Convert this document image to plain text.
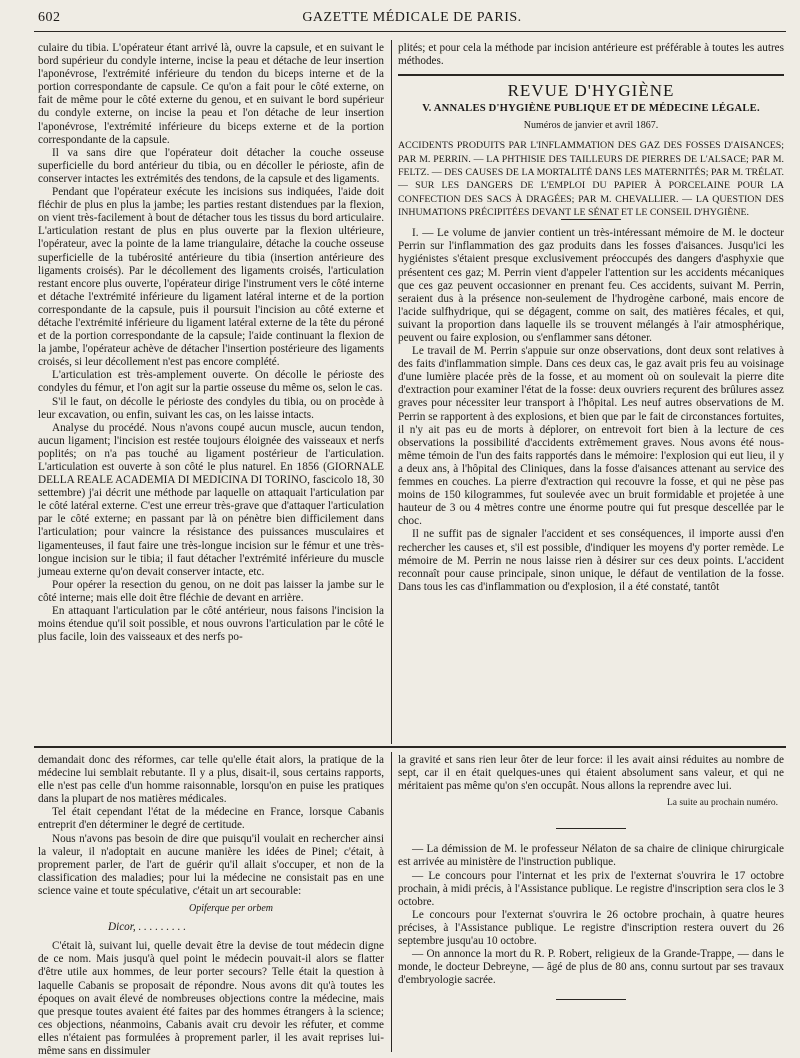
602	GAZETTE MÉDICALE DE PARIS.

culaire du tibia. L'opérateur étant arrivé là, ouvre la capsule, et en suivant le bord supérieur du condyle interne, incise la peau et détache de leur insertion l'aponévrose, l'extrémité inférieure du tendon du biceps interne et de la portion correspondante de capsule. Ce qu'on a fait pour le côté externe, on fait de même pour le côté externe du genou, et en suivant le bord supérieur du condyle externe, on incise la peau et l'on détache de leur insertion l'aponévrose, l'extrémité inférieure du biceps externe et de la portion correspondante de la capsule.

Il va sans dire que l'opérateur doit détacher la couche osseuse superficielle du bord antérieur du tibia, ou en décoller le périoste, afin de conserver intactes les extrémités des tendons, de la capsule et des ligaments.

Pendant que l'opérateur exécute les incisions sus indiquées, l'aide doit fléchir de plus en plus la jambe; les parties restant distendues par la flexion, on vient très-facilement à bout de détacher tous les tissus du bord articulaire. L'articulation restant de plus en plus ouverte par la flexion ultérieure, l'opérateur, avec la pointe de la lame triangulaire, détache la couche osseuse superficielle de la tubérosité antérieure du tibia (insertion antérieure des ligaments croisés). Par le décollement des ligaments croisés, l'articulation restant encore plus ouverte, l'opérateur dirige l'instrument vers le côté interne et détache l'extrémité inférieure du ligament latéral interne et de la portion correspondante de la capsule, puis il poursuit l'incision au côté externe et détache l'extrémité inférieure du ligament latéral externe de la tête du péroné et de la portion correspondante de la capsule; l'aide continuant la flexion de la jambe, l'opérateur achève de détacher l'insertion postérieure des ligaments croisés, si leur décollement n'est pas encore complété.

L'articulation est très-amplement ouverte. On décolle le périoste des condyles du fémur, et l'on agit sur la partie osseuse du même os, selon le cas.

S'il le faut, on décolle le périoste des condyles du tibia, ou on procède à leur excavation, ou enfin, suivant les cas, on les laisse intacts.

Analyse du procédé. Nous n'avons coupé aucun muscle, aucun tendon, aucun ligament; l'incision est restée toujours éloignée des vaisseaux et nerfs poplités; on n'a pas touché au ligament postérieur de l'articulation. L'articulation est ouverte à son côté le plus naturel. En 1856 (GIORNALE DELLA REALE ACADEMIA DI MEDICINA DI TORINO, fascicolo 18, 30 settembre) j'ai décrit une méthode par laquelle on attaquait l'articulation par le côté latéral externe. C'est une erreur très-grave que d'attaquer l'articulation par le côté externe; en passant par là on pénètre bien difficilement dans l'articulation; pour vaincre la résistance des puissances musculaires et ligamenteuses, il faut faire une très-longue incision sur le fémur et une très-longue incision sur le tibia; il faut détacher l'extrémité inférieure du muscle jumeau externe qu'on devait conserver intacte, etc.

Pour opérer la resection du genou, on ne doit pas laisser la jambe sur le côté interne; mais elle doit être fléchie de devant en arrière.

En attaquant l'articulation par le côté antérieur, nous faisons l'incision la moins étendue qu'il soit possible, et nous ouvrons l'articulation par le côté le plus facile, loin des vaisseaux et des nerfs po-

plités; et pour cela la méthode par incision antérieure est préférable à toutes les autres méthodes.

REVUE D'HYGIÈNE
V. ANNALES D'HYGIÈNE PUBLIQUE ET DE MÉDECINE LÉGALE.
Numéros de janvier et avril 1867.

ACCIDENTS PRODUITS PAR L'INFLAMMATION DES GAZ DES FOSSES D'AISANCES; PAR M. PERRIN. — LA PHTHISIE DES TAILLEURS DE PIERRES DE L'ALSACE; PAR M. FELTZ. — DES CAUSES DE LA MORTALITÉ DANS LES MATERNITÉS; PAR M. TRÉLAT. — SUR LES DANGERS DE L'EMPLOI DU PAPIER À PORCELAINE POUR LA CONFECTION DES SACS À DRAGÉES; PAR M. CHEVALLIER. — LA QUESTION DES INHUMATIONS PRÉCIPITÉES DEVANT LE SÉNAT ET LE CONSEIL D'HYGIÈNE.

I. — Le volume de janvier contient un très-intéressant mémoire de M. le docteur Perrin sur l'inflammation des gaz produits dans les fosses d'aisances. Jusqu'ici les hygiénistes s'étaient presque exclusivement préoccupés des dangers d'asphyxie que présentent ces gaz; M. Perrin vient d'appeler l'attention sur les accidents mécaniques que ces gaz peuvent occasionner en prenant feu. Ces accidents, suivant M. Perrin, seraient dus à la présence non-seulement de l'hydrogène carboné, mais encore de l'acide sulfhydrique, qui se dégagent, comme on sait, des matières fécales, et qui, suivant la proportion dans laquelle ils se trouvent mélangés à l'air atmosphérique, peuvent ou faire explosion, ou s'enflammer sans détoner.

Le travail de M. Perrin s'appuie sur onze observations, dont deux sont relatives à des faits d'inflammation simple. Dans ces deux cas, le gaz avait pris feu au voisinage d'une lumière placée près de la fosse, et au moment où on soulevait la pierre dite d'extraction pour examiner l'état de la fosse: deux ouvriers reçurent des brûlures assez graves pour nécessiter leur transport à l'hôpital. Les neuf autres observations de M. Perrin se rapportent à des explosions, et bien que par le fait de circonstances fortuites, il n'y ait pas eu de morts à déplorer, on entrevoit fort bien à la lecture de ces observations la possibilité d'accidents extrêmement graves. Nous avons été nous-même témoin de l'un des faits rapportés dans le mémoire: l'explosion qui eut lieu, il y a deux ans, à l'hôpital des Cliniques, dans la fosse d'aisances attenant au service des femmes en couches. La pierre d'extraction qui recouvre la fosse, et qui ne pèse pas moins de 150 kilogrammes, fut soulevée avec un bruit formidable et projetée à une hauteur de 3 ou 4 mètres contre une énorme poutre qui fut presque descellée par le choc.

Il ne suffit pas de signaler l'accident et ses conséquences, il importe aussi d'en rechercher les causes et, s'il est possible, d'indiquer les moyens d'y porter remède. Le mémoire de M. Perrin ne nous laisse rien à désirer sur ces deux points. L'accident reconnaît pour cause principale, sinon unique, le défaut de ventilation de la fosse. Dans tous les cas d'inflammation ou d'explosion, il a été constaté, tantôt

demandait donc des réformes, car telle qu'elle était alors, la pratique de la médecine lui semblait rebutante. Il y a plus, disait-il, sous certains rapports, elle n'est pas celle d'un homme raisonnable, lorsqu'on en puise les pratiques dans la plupart de nos matières médicales.

Tel était cependant l'état de la médecine en France, lorsque Cabanis entreprit d'en déterminer le degré de certitude.

Nous n'avons pas besoin de dire que puisqu'il voulait en rechercher ainsi la valeur, il n'adoptait en aucune manière les idées de Pinel; c'était, à proprement parler, de l'art de guérir qu'il allait s'occuper, et non de la classification des maladies; pour lui la médecine ne consistait pas en une science vaine et toute spéculative, c'était un art secourable:

Opiferque per orbem
Dicor, . . . . . . . . .

C'était là, suivant lui, quelle devait être la devise de tout médecin digne de ce nom. Mais jusqu'à quel point le médecin pouvait-il alors se flatter d'être utile aux hommes, de leur porter secours? Telle était la question à laquelle Cabanis se proposait de répondre. Nous avons dit qu'à toutes les époques on avait élevé de nombreuses objections contre la médecine, mais que presque toutes avaient été faites par des hommes étrangers à la science; ces objections, néanmoins, Cabanis avait cru devoir les réfuter, et comme elles n'étaient pas formulées à proprement parler, il les avait reprises lui-même sans en dissimuler

la gravité et sans rien leur ôter de leur force: il les avait ainsi réduites au nombre de sept, car il en était quelques-unes qui étaient absolument sans valeur, et qui ne méritaient pas même qu'on s'en occupât. Nous allons la reprendre avec lui.

La suite au prochain numéro.

— La démission de M. le professeur Nélaton de sa chaire de clinique chirurgicale est arrivée au ministère de l'instruction publique.

— Le concours pour l'internat et les prix de l'externat s'ouvrira le 17 octobre prochain, à midi précis, à l'Assistance publique. Le registre d'inscription sera clos le 3 octobre.

Le concours pour l'externat s'ouvrira le 26 octobre prochain, à quatre heures précises, à l'Assistance publique. Le registre d'inscription restera ouvert du 26 septembre jusqu'au 10 octobre.

— On annonce la mort du R. P. Robert, religieux de la Grande-Trappe, — dans le monde, le docteur Debreyne, — âgé de plus de 80 ans, connu surtout par ses travaux d'embryologie sacrée.
